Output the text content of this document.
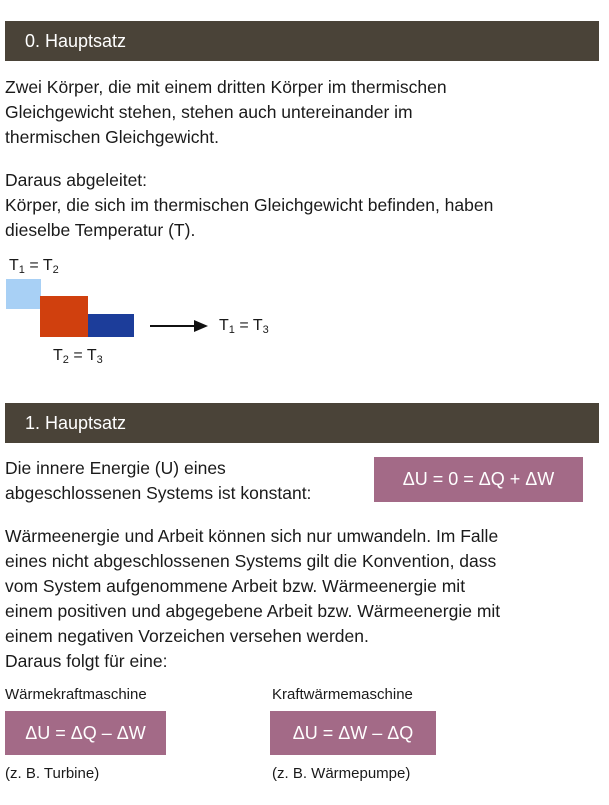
0. Hauptsatz

Zwei Körper, die mit einem dritten Körper im thermischen
Gleichgewicht stehen, stehen auch untereinander im
thermischen Gleichgewicht.

Daraus abgeleitet:
Körper, die sich im thermischen Gleichgewicht befinden, haben
dieselbe Temperatur (T).

$T_1 = T_2$
$T_1 = T_3$
$T_2 = T_3$
1. Hauptsatz

Die innere Energie (U) eines
abgeschlossenen Systems ist konstant:

ΔU = 0 = ΔQ + ΔW

Wärmeenergie und Arbeit können sich nur umwandeln. Im Falle
eines nicht abgeschlossenen Systems gilt die Konvention, dass
vom System aufgenommene Arbeit bzw. Wärmeenergie mit
einem positiven und abgegebene Arbeit bzw. Wärmeenergie mit
einem negativen Vorzeichen versehen werden.
Daraus folgt für eine:

Wärmekraftmaschine
ΔU = ΔQ – ΔW
(z. B. Turbine)
Kraftwärmemaschine
ΔU = ΔW – ΔQ
(z. B. Wärmepumpe)
